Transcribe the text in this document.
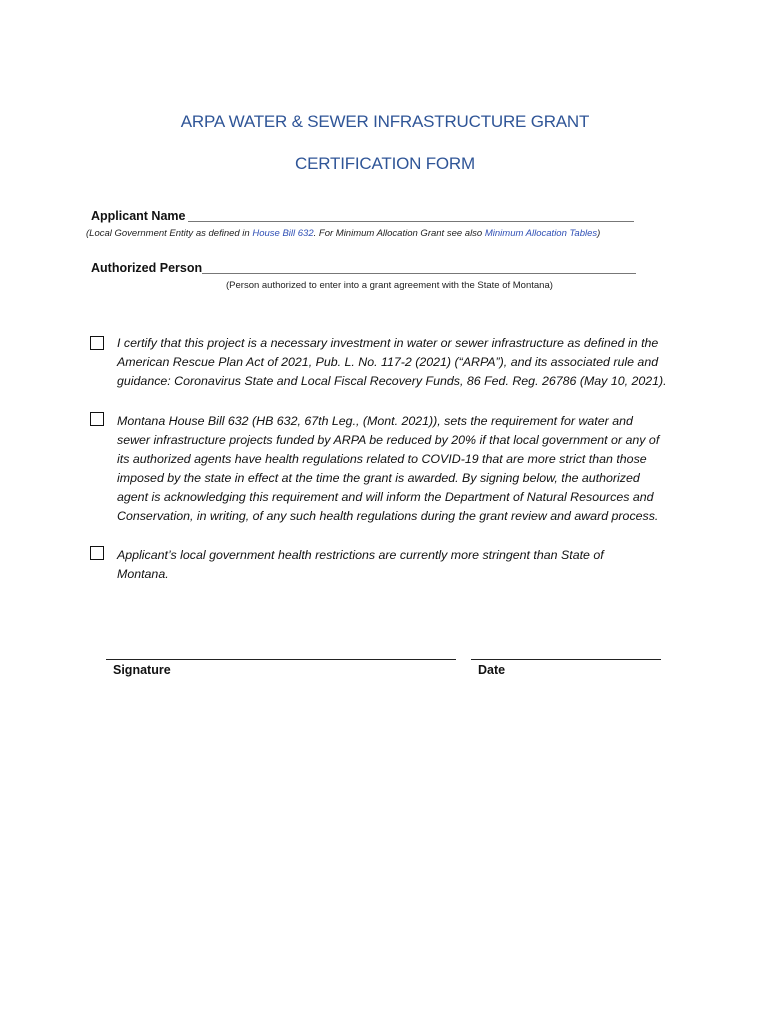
ARPA WATER & SEWER INFRASTRUCTURE GRANT
CERTIFICATION FORM
Applicant Name
(Local Government Entity as defined in House Bill 632. For Minimum Allocation Grant see also Minimum Allocation Tables)
Authorized Person
(Person authorized to enter into a grant agreement with the State of Montana)
I certify that this project is a necessary investment in water or sewer infrastructure as defined in the
American Rescue Plan Act of 2021, Pub. L. No. 117-2 (2021) (“ARPA”), and its associated rule and
guidance: Coronavirus State and Local Fiscal Recovery Funds, 86 Fed. Reg. 26786 (May 10, 2021).
Montana House Bill 632 (HB 632, 67th Leg., (Mont. 2021)), sets the requirement for water and
sewer infrastructure projects funded by ARPA be reduced by 20% if that local government or any of
its authorized agents have health regulations related to COVID-19 that are more strict than those
imposed by the state in effect at the time the grant is awarded. By signing below, the authorized
agent is acknowledging this requirement and will inform the Department of Natural Resources and
Conservation, in writing, of any such health regulations during the grant review and award process.
Applicant’s local government health restrictions are currently more stringent than State of
Montana.
Signature	Date
